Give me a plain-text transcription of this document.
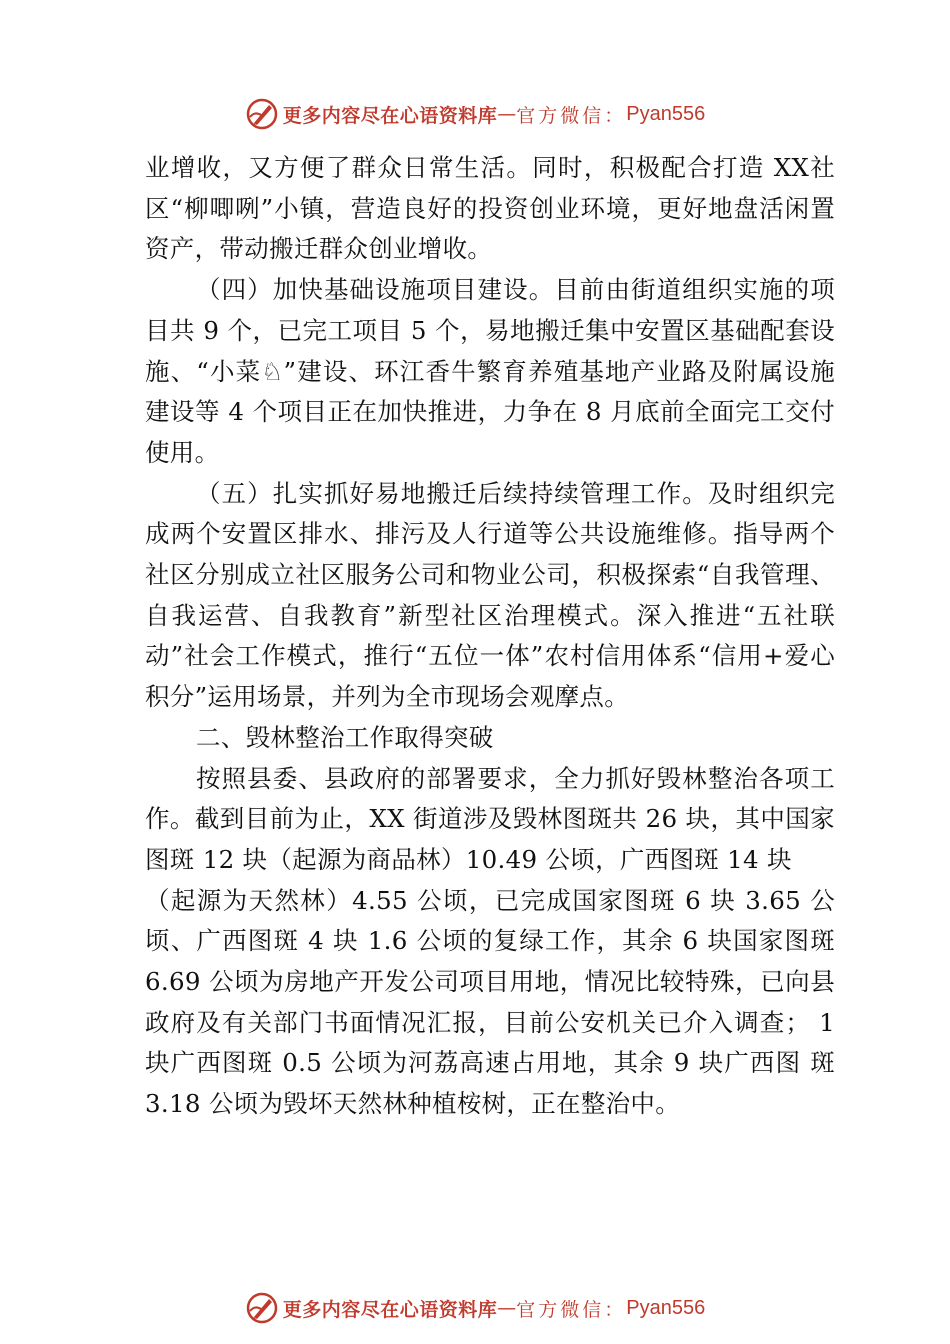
更多内容尽在心语资料库 — 官方微信： Pyan556

业增收，又方便了群众日常生活。同时，积极配合打造 XX社区“柳唧咧”小镇，营造良好的投资创业环境，更好地盘活闲置资产，带动搬迁群众创业增收。

（四）加快基础设施项目建设。目前由街道组织实施的项目共 9 个，已完工项目 5 个，易地搬迁集中安置区基础配套设施、“小菜♘”建设、环江香牛繁育养殖基地产业路及附属设施建设等 4 个项目正在加快推进，力争在 8 月底前全面完工交付使用。

（五）扎实抓好易地搬迁后续持续管理工作。及时组织完成两个安置区排水、排污及人行道等公共设施维修。指导两个社区分别成立社区服务公司和物业公司，积极探索“自我管理、自我运营、自我教育”新型社区治理模式。深入推进“五社联动”社会工作模式，推行“五位一体”农村信用体系“信用+爱心积分”运用场景，并列为全市现场会观摩点。

二、毁林整治工作取得突破

按照县委、县政府的部署要求，全力抓好毁林整治各项工作。截到目前为止，XX 街道涉及毁林图斑共 26 块，其中国家图斑 12 块（起源为商品林）10.49 公顷，广西图斑 14 块

（起源为天然林）4.55 公顷，已完成国家图斑 6 块 3.65 公顷、广西图斑 4 块 1.6 公顷的复绿工作，其余 6 块国家图斑6.69 公顷为房地产开发公司项目用地，情况比较特殊，已向县政府及有关部门书面情况汇报，目前公安机关已介入调查； 1块广西图斑 0.5 公顷为河荔高速占用地，其余 9 块广西图 斑3.18 公顷为毁坏天然林种植桉树，正在整治中。

更多内容尽在心语资料库 — 官方微信： Pyan556
